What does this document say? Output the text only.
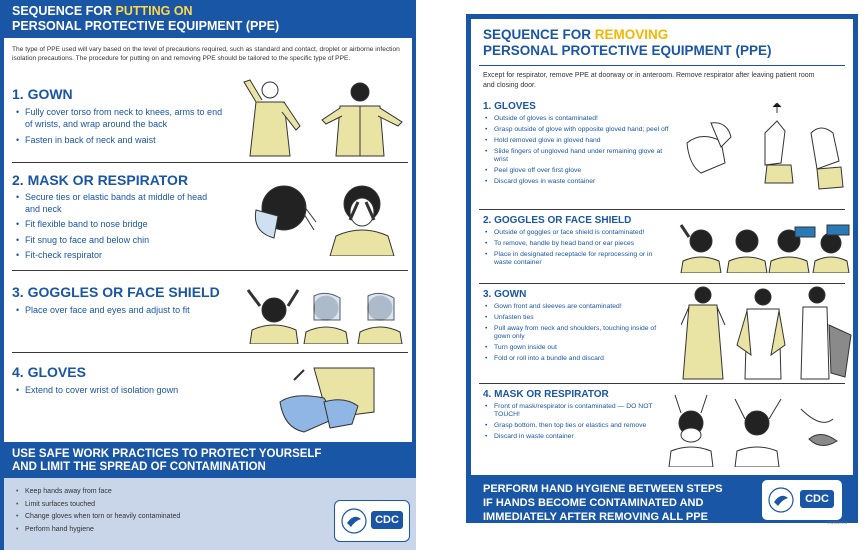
SEQUENCE FOR PUTTING ON
PERSONAL PROTECTIVE EQUIPMENT (PPE)
The type of PPE used will vary based on the level of precautions required, such as standard and contact, droplet or airborne infection isolation precautions. The procedure for putting on and removing PPE should be tailored to the specific type of PPE.
1. GOWN
• Fully cover torso from neck to knees, arms to end of wrists, and wrap around the back
• Fasten in back of neck and waist
2. MASK OR RESPIRATOR
• Secure ties or elastic bands at middle of head and neck
• Fit flexible band to nose bridge
• Fit snug to face and below chin
• Fit-check respirator
3. GOGGLES OR FACE SHIELD
• Place over face and eyes and adjust to fit
4. GLOVES
• Extend to cover wrist of isolation gown
USE SAFE WORK PRACTICES TO PROTECT YOURSELF
AND LIMIT THE SPREAD OF CONTAMINATION
• Keep hands away from face
• Limit surfaces touched
• Change gloves when torn or heavily contaminated
• Perform hand hygiene
CDC
SEQUENCE FOR REMOVING
PERSONAL PROTECTIVE EQUIPMENT (PPE)
Except for respirator, remove PPE at doorway or in anteroom. Remove respirator after leaving patient room and closing door.
1. GLOVES
• Outside of gloves is contaminated!
• Grasp outside of glove with opposite gloved hand; peel off
• Hold removed glove in gloved hand
• Slide fingers of ungloved hand under remaining glove at wrist
• Peel glove off over first glove
• Discard gloves in waste container
2. GOGGLES OR FACE SHIELD
• Outside of goggles or face shield is contaminated!
• To remove, handle by head band or ear pieces
• Place in designated receptacle for reprocessing or in waste container
3. GOWN
• Gown front and sleeves are contaminated!
• Unfasten ties
• Pull away from neck and shoulders, touching inside of gown only
• Turn gown inside out
• Fold or roll into a bundle and discard
4. MASK OR RESPIRATOR
• Front of mask/respirator is contaminated — DO NOT TOUCH!
• Grasp bottom, then top ties or elastics and remove
• Discard in waste container
PERFORM HAND HYGIENE BETWEEN STEPS
IF HANDS BECOME CONTAMINATED AND
IMMEDIATELY AFTER REMOVING ALL PPE
CDC
CS250672-A
